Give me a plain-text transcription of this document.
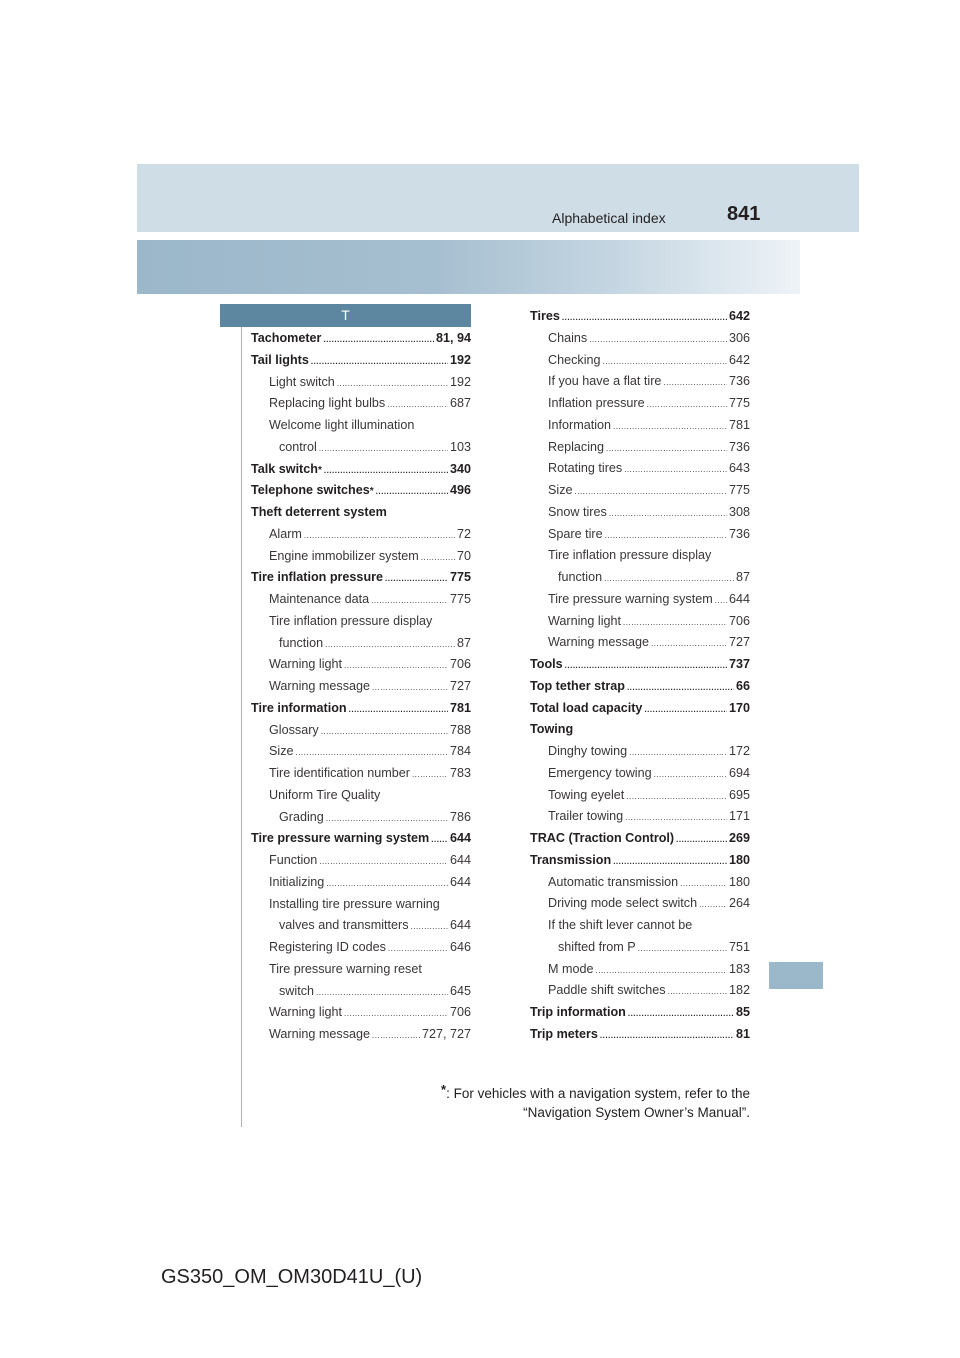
Alphabetical index	841
T
Tachometer .....	81, 94
Tail lights .....	192
Light switch .....	192
Replacing light bulbs .....	687
Welcome light illumination
control .....	103
Talk switch * .....	340
Telephone switches * .....	496
Theft deterrent system
Alarm .....	72
Engine immobilizer system .....	70
Tire inflation pressure .....	775
Maintenance data .....	775
Tire inflation pressure display
function .....	87
Warning light .....	706
Warning message .....	727
Tire information .....	781
Glossary .....	788
Size .....	784
Tire identification number .....	783
Uniform Tire Quality
Grading .....	786
Tire pressure warning system ..... 644
Function .....	644
Initializing .....	644
Installing tire pressure warning
valves and transmitters .....	644
Registering ID codes .....	646
Tire pressure warning reset
switch .....	645
Warning light .....	706
Warning message .....	727, 727
Tires .....	642
Chains .....	306
Checking .....	642
If you have a flat tire .....	736
Inflation pressure .....	775
Information .....	781
Replacing .....	736
Rotating tires .....	643
Size .....	775
Snow tires .....	308
Spare tire .....	736
Tire inflation pressure display
function .....	87
Tire pressure warning system ..... 644
Warning light .....	706
Warning message .....	727
Tools .....	737
Top tether strap .....	66
Total load capacity .....	170
Towing
Dinghy towing .....	172
Emergency towing .....	694
Towing eyelet .....	695
Trailer towing .....	171
TRAC (Traction Control) .....	269
Transmission .....	180
Automatic transmission .....	180
Driving mode select switch .....	264
If the shift lever cannot be
shifted from P .....	751
M mode .....	183
Paddle shift switches .....	182
Trip information .....	85
Trip meters .....	81
*: For vehicles with a navigation system, refer to the
“Navigation System Owner’s Manual”.
GS350_OM_OM30D41U_(U)
